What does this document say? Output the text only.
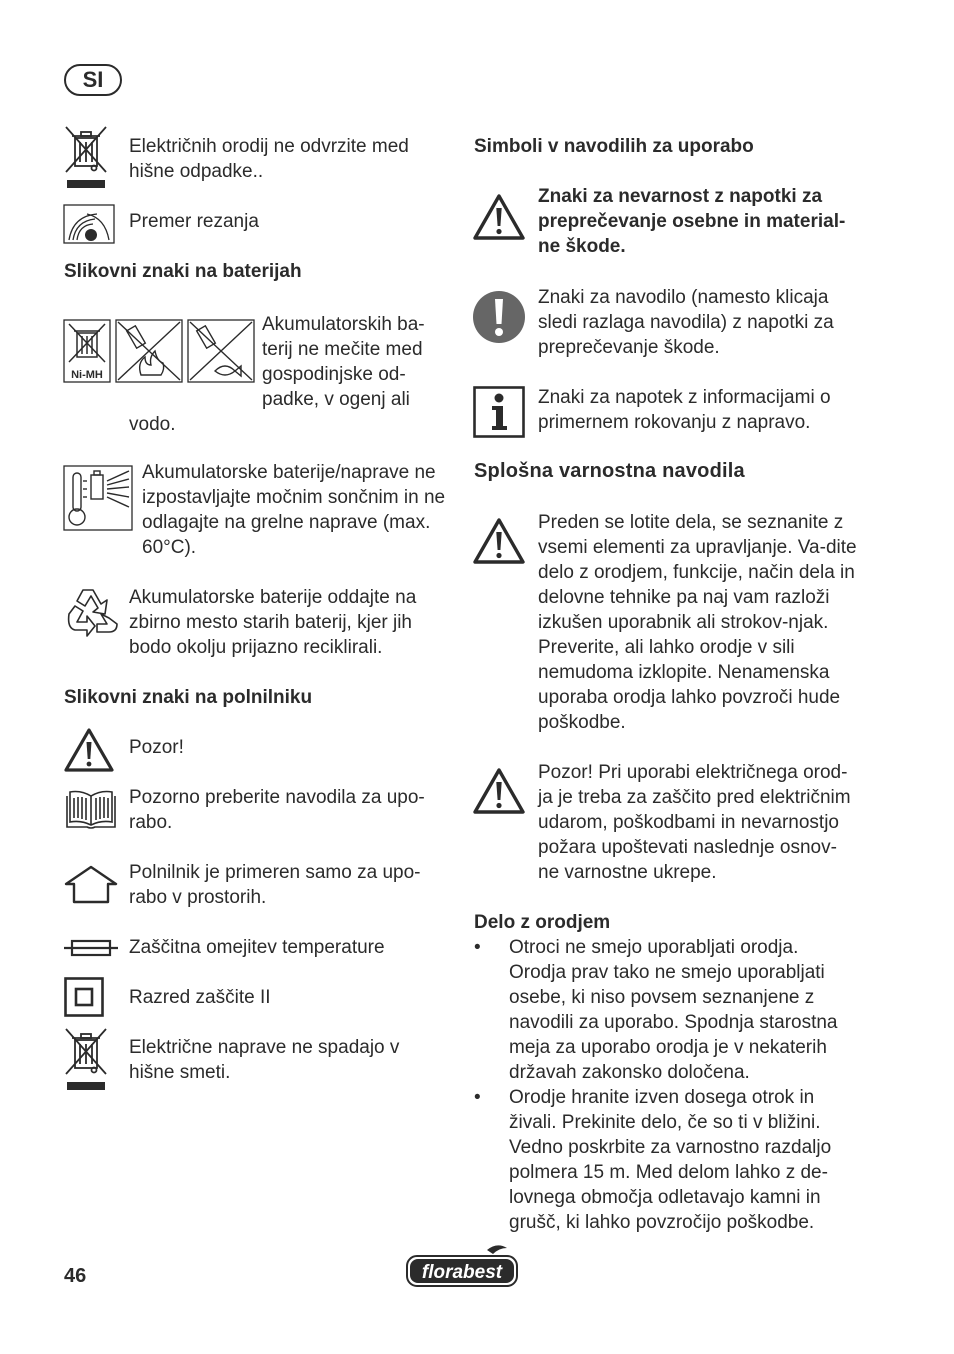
SI

Električnih orodij ne odvrzite med hišne odpadke..

Premer rezanja

Slikovni znaki na baterijah

Ni-MH

Akumulatorskih ba-

terij ne mečite med

gospodinjske od-

padke, v ogenj ali

vodo.

Akumulatorske baterije/naprave ne izpostavljajte močnim sončnim in ne odlagajte na grelne naprave (max. 60°C).

Akumulatorske baterije oddajte na zbirno mesto starih baterij, kjer jih bodo okolju prijazno reciklirali.

Slikovni znaki na polnilniku

Pozor!

Pozorno preberite navodila za upo-rabo.

Polnilnik je primeren samo za upo-rabo v prostorih.

Zaščitna omejitev temperature

Razred zaščite II

Električne naprave ne spadajo v hišne smeti.

Simboli v navodilih za uporabo

Znaki za nevarnost z napotki za preprečevanje osebne in material-ne škode.

Znaki za navodilo (namesto klicaja sledi razlaga navodila) z napotki za preprečevanje škode.

Znaki za napotek z informacijami o primernem rokovanju z napravo.

Splošna varnostna navodila

Preden se lotite dela, se seznanite z vsemi elementi za upravljanje. Va-dite delo z orodjem, funkcije, način dela in delovne tehnike pa naj vam razloži izkušen uporabnik ali strokov-njak. Preverite, ali lahko orodje v sili nemudoma izklopite. Nenamenska uporaba orodja lahko povzroči hude poškodbe.

Pozor! Pri uporabi električnega orod-ja je treba za zaščito pred električnim udarom, poškodbami in nevarnostjo požara upoštevati naslednje osnov-ne varnostne ukrepe.

Delo z orodjem

• Otroci ne smejo uporabljati orodja. Orodja prav tako ne smejo uporabljati osebe, ki niso povsem seznanjene z navodili za uporabo. Spodnja starostna meja za uporabo orodja je v nekaterih državah zakonsko določena.
• Orodje hranite izven dosega otrok in živali. Prekinite delo, če so ti v bližini. Vedno poskrbite za varnostno razdaljo polmera 15 m. Med delom lahko z de-lovnega območja odletavajo kamni in grušč, ki lahko povzročijo poškodbe.

46	florabest
